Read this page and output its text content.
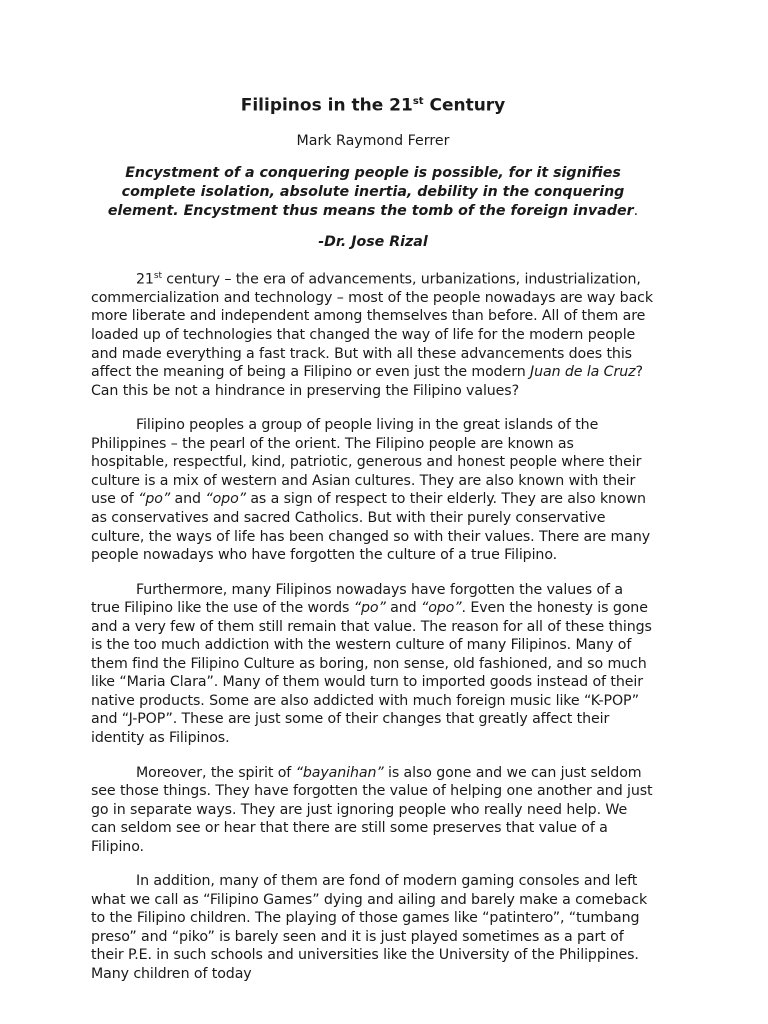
Filipinos in the 21st Century

Mark Raymond Ferrer

Encystment of a conquering people is possible, for it signifies complete isolation, absolute inertia, debility in the conquering element. Encystment thus means the tomb of the foreign invader.

-Dr. Jose Rizal

21st century – the era of advancements, urbanizations, industrialization, commercialization and technology – most of the people nowadays are way back more liberate and independent among themselves than before. All of them are loaded up of technologies that changed the way of life for the modern people and made everything a fast track. But with all these advancements does this affect the meaning of being a Filipino or even just the modern Juan de la Cruz? Can this be not a hindrance in preserving the Filipino values?

Filipino peoples a group of people living in the great islands of the Philippines – the pearl of the orient. The Filipino people are known as hospitable, respectful, kind, patriotic, generous and honest people where their culture is a mix of western and Asian cultures. They are also known with their use of “po” and “opo” as a sign of respect to their elderly. They are also known as conservatives and sacred Catholics. But with their purely conservative culture, the ways of life has been changed so with their values. There are many people nowadays who have forgotten the culture of a true Filipino.

Furthermore, many Filipinos nowadays have forgotten the values of a true Filipino like the use of the words “po” and “opo”. Even the honesty is gone and a very few of them still remain that value. The reason for all of these things is the too much addiction with the western culture of many Filipinos. Many of them find the Filipino Culture as boring, non sense, old fashioned, and so much like “Maria Clara”. Many of them would turn to imported goods instead of their native products. Some are also addicted with much foreign music like “K-POP” and “J-POP”. These are just some of their changes that greatly affect their identity as Filipinos.

Moreover, the spirit of “bayanihan” is also gone and we can just seldom see those things. They have forgotten the value of helping one another and just go in separate ways. They are just ignoring people who really need help. We can seldom see or hear that there are still some preserves that value of a Filipino.

In addition, many of them are fond of modern gaming consoles and left what we call as “Filipino Games” dying and ailing and barely make a comeback to the Filipino children. The playing of those games like “patintero”, “tumbang preso” and “piko” is barely seen and it is just played sometimes as a part of their P.E. in such schools and universities like the University of the Philippines. Many children of today
